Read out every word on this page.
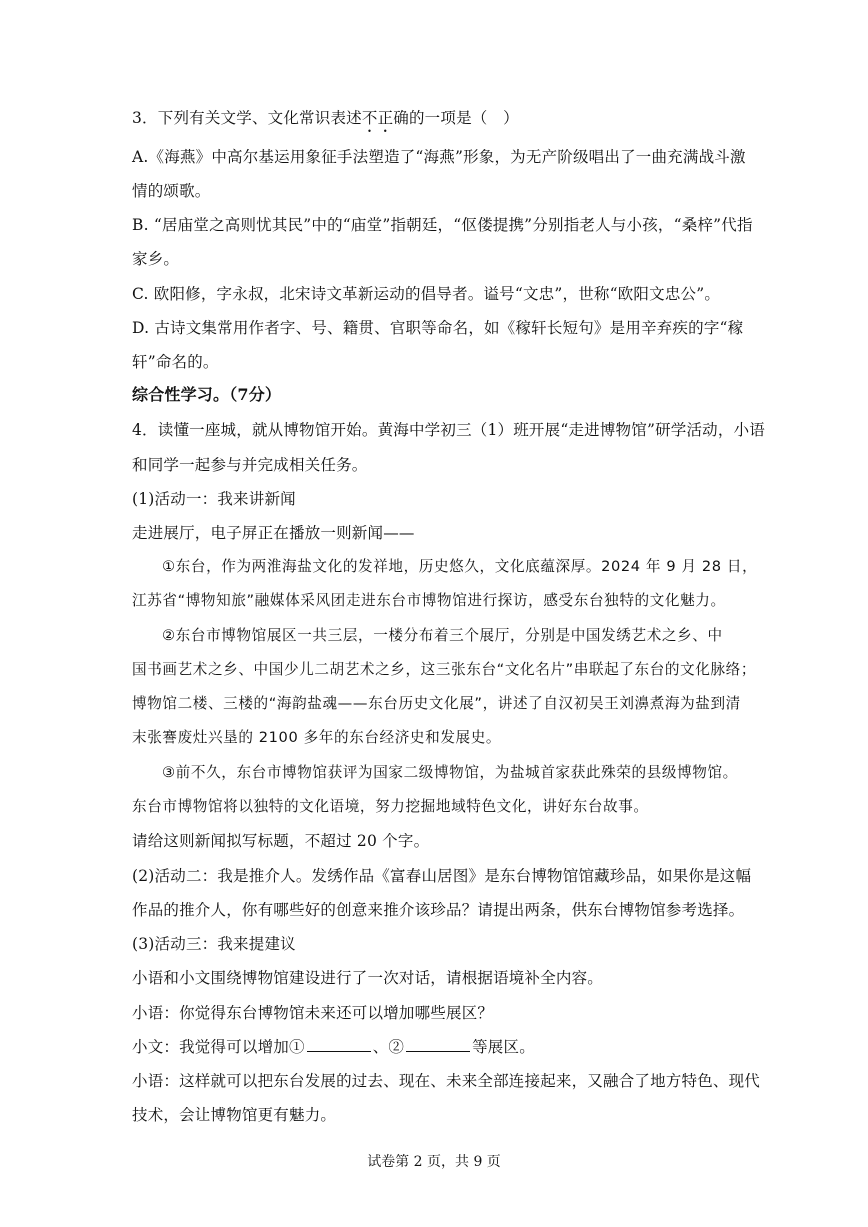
3．下列有关文学、文化常识表述不正确的一项是（　）
A.《海燕》中高尔基运用象征手法塑造了“海燕”形象，为无产阶级唱出了一曲充满战斗激
情的颂歌。
B. “居庙堂之高则忧其民”中的“庙堂”指朝廷，“伛偻提携”分别指老人与小孩，“桑梓”代指
家乡。
C. 欧阳修，字永叔，北宋诗文革新运动的倡导者。谥号“文忠”，世称“欧阳文忠公”。
D. 古诗文集常用作者字、号、籍贯、官职等命名，如《稼轩长短句》是用辛弃疾的字“稼
轩”命名的。
综合性学习。（7分）
4．读懂一座城，就从博物馆开始。黄海中学初三（1）班开展“走进博物馆”研学活动，小语
和同学一起参与并完成相关任务。
(1)活动一：我来讲新闻
走进展厅，电子屏正在播放一则新闻——
①东台，作为两淮海盐文化的发祥地，历史悠久，文化底蕴深厚。2024 年 9 月 28 日，
江苏省“博物知旅”融媒体采风团走进东台市博物馆进行探访，感受东台独特的文化魅力。
②东台市博物馆展区一共三层，一楼分布着三个展厅，分别是中国发绣艺术之乡、中
国书画艺术之乡、中国少儿二胡艺术之乡，这三张东台“文化名片”串联起了东台的文化脉络；
博物馆二楼、三楼的“海韵盐魂——东台历史文化展”，讲述了自汉初吴王刘濞煮海为盐到清
末张謇废灶兴垦的 2100 多年的东台经济史和发展史。
③前不久，东台市博物馆获评为国家二级博物馆，为盐城首家获此殊荣的县级博物馆。
东台市博物馆将以独特的文化语境，努力挖掘地域特色文化，讲好东台故事。
请给这则新闻拟写标题，不超过 20 个字。
(2)活动二：我是推介人。发绣作品《富春山居图》是东台博物馆馆藏珍品，如果你是这幅
作品的推介人，你有哪些好的创意来推介该珍品？请提出两条，供东台博物馆参考选择。
(3)活动三：我来提建议
小语和小文围绕博物馆建设进行了一次对话，请根据语境补全内容。
小语：你觉得东台博物馆未来还可以增加哪些展区？
小文：我觉得可以增加①	、②	等展区。
小语：这样就可以把东台发展的过去、现在、未来全部连接起来，又融合了地方特色、现代
技术，会让博物馆更有魅力。
试卷第 2 页，共 9 页
